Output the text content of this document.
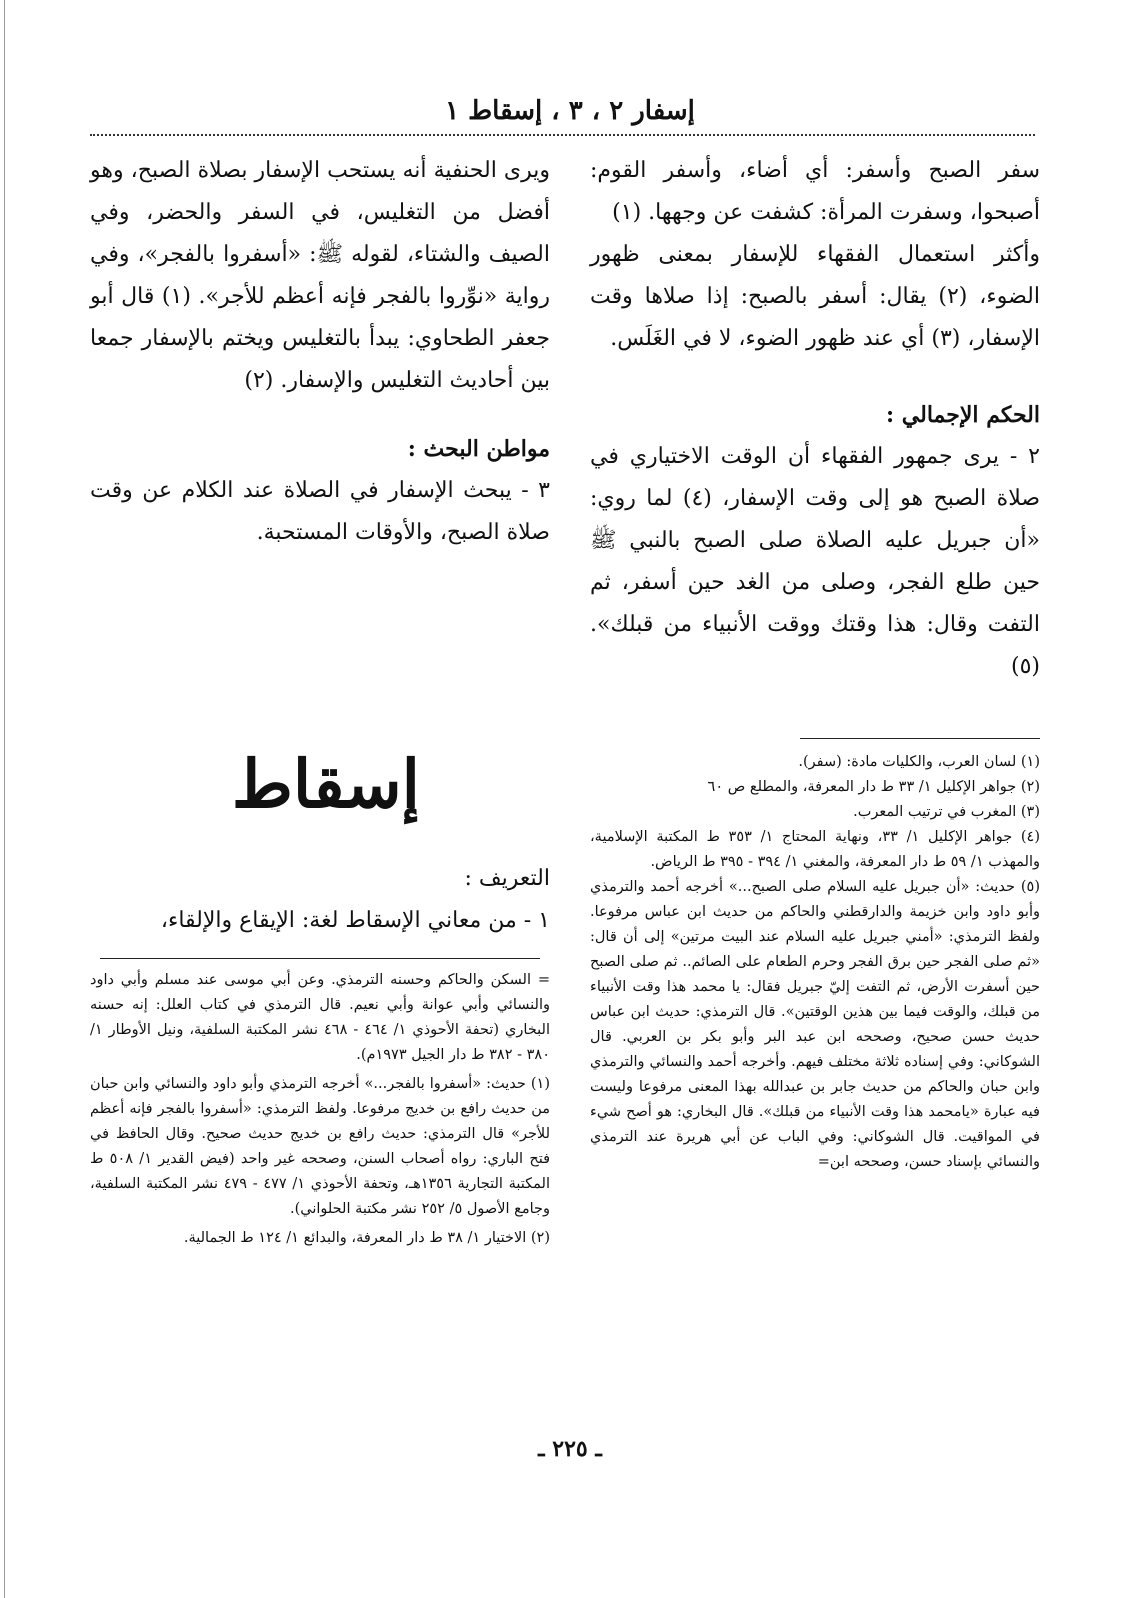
إسفار ٢ ، ٣ ، إسقاط ١

سفر الصبح وأسفر: أي أضاء، وأسفر القوم: أصبحوا، وسفرت المرأة: كشفت عن وجهها. (١)

وأكثر استعمال الفقهاء للإسفار بمعنى ظهور الضوء، (٢) يقال: أسفر بالصبح: إذا صلاها وقت الإسفار، (٣) أي عند ظهور الضوء، لا في الغَلَس.

الحكم الإجمالي :

٢ - يرى جمهور الفقهاء أن الوقت الاختياري في صلاة الصبح هو إلى وقت الإسفار، (٤) لما روي: «أن جبريل عليه الصلاة صلى الصبح بالنبي ﷺ حين طلع الفجر، وصلى من الغد حين أسفر، ثم التفت وقال: هذا وقتك ووقت الأنبياء من قبلك». (٥)

ويرى الحنفية أنه يستحب الإسفار بصلاة الصبح، وهو أفضل من التغليس، في السفر والحضر، وفي الصيف والشتاء، لقوله ﷺ: «أسفروا بالفجر»، وفي رواية «نوِّروا بالفجر فإنه أعظم للأجر». (١) قال أبو جعفر الطحاوي: يبدأ بالتغليس ويختم بالإسفار جمعا بين أحاديث التغليس والإسفار. (٢)

مواطن البحث :

٣ - يبحث الإسفار في الصلاة عند الكلام عن وقت صلاة الصبح، والأوقات المستحبة.

إسقاط

التعريف :

١ - من معاني الإسقاط لغة: الإيقاع والإلقاء،

(١) لسان العرب، والكليات مادة: (سفر).

(٢) جواهر الإكليل ١/ ٣٣ ط دار المعرفة، والمطلع ص ٦٠

(٣) المغرب في ترتيب المعرب.

(٤) جواهر الإكليل ١/ ٣٣، ونهاية المحتاج ١/ ٣٥٣ ط المكتبة الإسلامية، والمهذب ١/ ٥٩ ط دار المعرفة، والمغني ١/ ٣٩٤ - ٣٩٥ ط الرياض.

(٥) حديث: «أن جبريل عليه السلام صلى الصبح...» أخرجه أحمد والترمذي وأبو داود وابن خزيمة والدارقطني والحاكم من حديث ابن عباس مرفوعا. ولفظ الترمذي: «أمني جبريل عليه السلام عند البيت مرتين» إلى أن قال: «ثم صلى الفجر حين برق الفجر وحرم الطعام على الصائم.. ثم صلى الصبح حين أسفرت الأرض، ثم التفت إليّ جبريل فقال: يا محمد هذا وقت الأنبياء من قبلك، والوقت فيما بين هذين الوقتين». قال الترمذي: حديث ابن عباس حديث حسن صحيح، وصححه ابن عبد البر وأبو بكر بن العربي. قال الشوكاني: وفي إسناده ثلاثة مختلف فيهم. وأخرجه أحمد والنسائي والترمذي وابن حبان والحاكم من حديث جابر بن عبدالله بهذا المعنى مرفوعا وليست فيه عبارة «يامحمد هذا وقت الأنبياء من قبلك». قال البخاري: هو أصح شيء في المواقيت. قال الشوكاني: وفي الباب عن أبي هريرة عند الترمذي والنسائي بإسناد حسن، وصححه ابن=

= السكن والحاكم وحسنه الترمذي. وعن أبي موسى عند مسلم وأبي داود والنسائي وأبي عوانة وأبي نعيم. قال الترمذي في كتاب العلل: إنه حسنه البخاري (تحفة الأحوذي ١/ ٤٦٤ - ٤٦٨ نشر المكتبة السلفية، ونيل الأوطار ١/ ٣٨٠ - ٣٨٢ ط دار الجيل ١٩٧٣م).

(١) حديث: «أسفروا بالفجر...» أخرجه الترمذي وأبو داود والنسائي وابن حبان من حديث رافع بن خديج مرفوعا. ولفظ الترمذي: «أسفروا بالفجر فإنه أعظم للأجر» قال الترمذي: حديث رافع بن خديج حديث صحيح. وقال الحافظ في فتح الباري: رواه أصحاب السنن، وصححه غير واحد (فيض القدير ١/ ٥٠٨ ط المكتبة التجارية ١٣٥٦هـ، وتحفة الأحوذي ١/ ٤٧٧ - ٤٧٩ نشر المكتبة السلفية، وجامع الأصول ٥/ ٢٥٢ نشر مكتبة الحلواني).

(٢) الاختيار ١/ ٣٨ ط دار المعرفة، والبدائع ١/ ١٢٤ ط الجمالية.

ـ ٢٢٥ ـ
